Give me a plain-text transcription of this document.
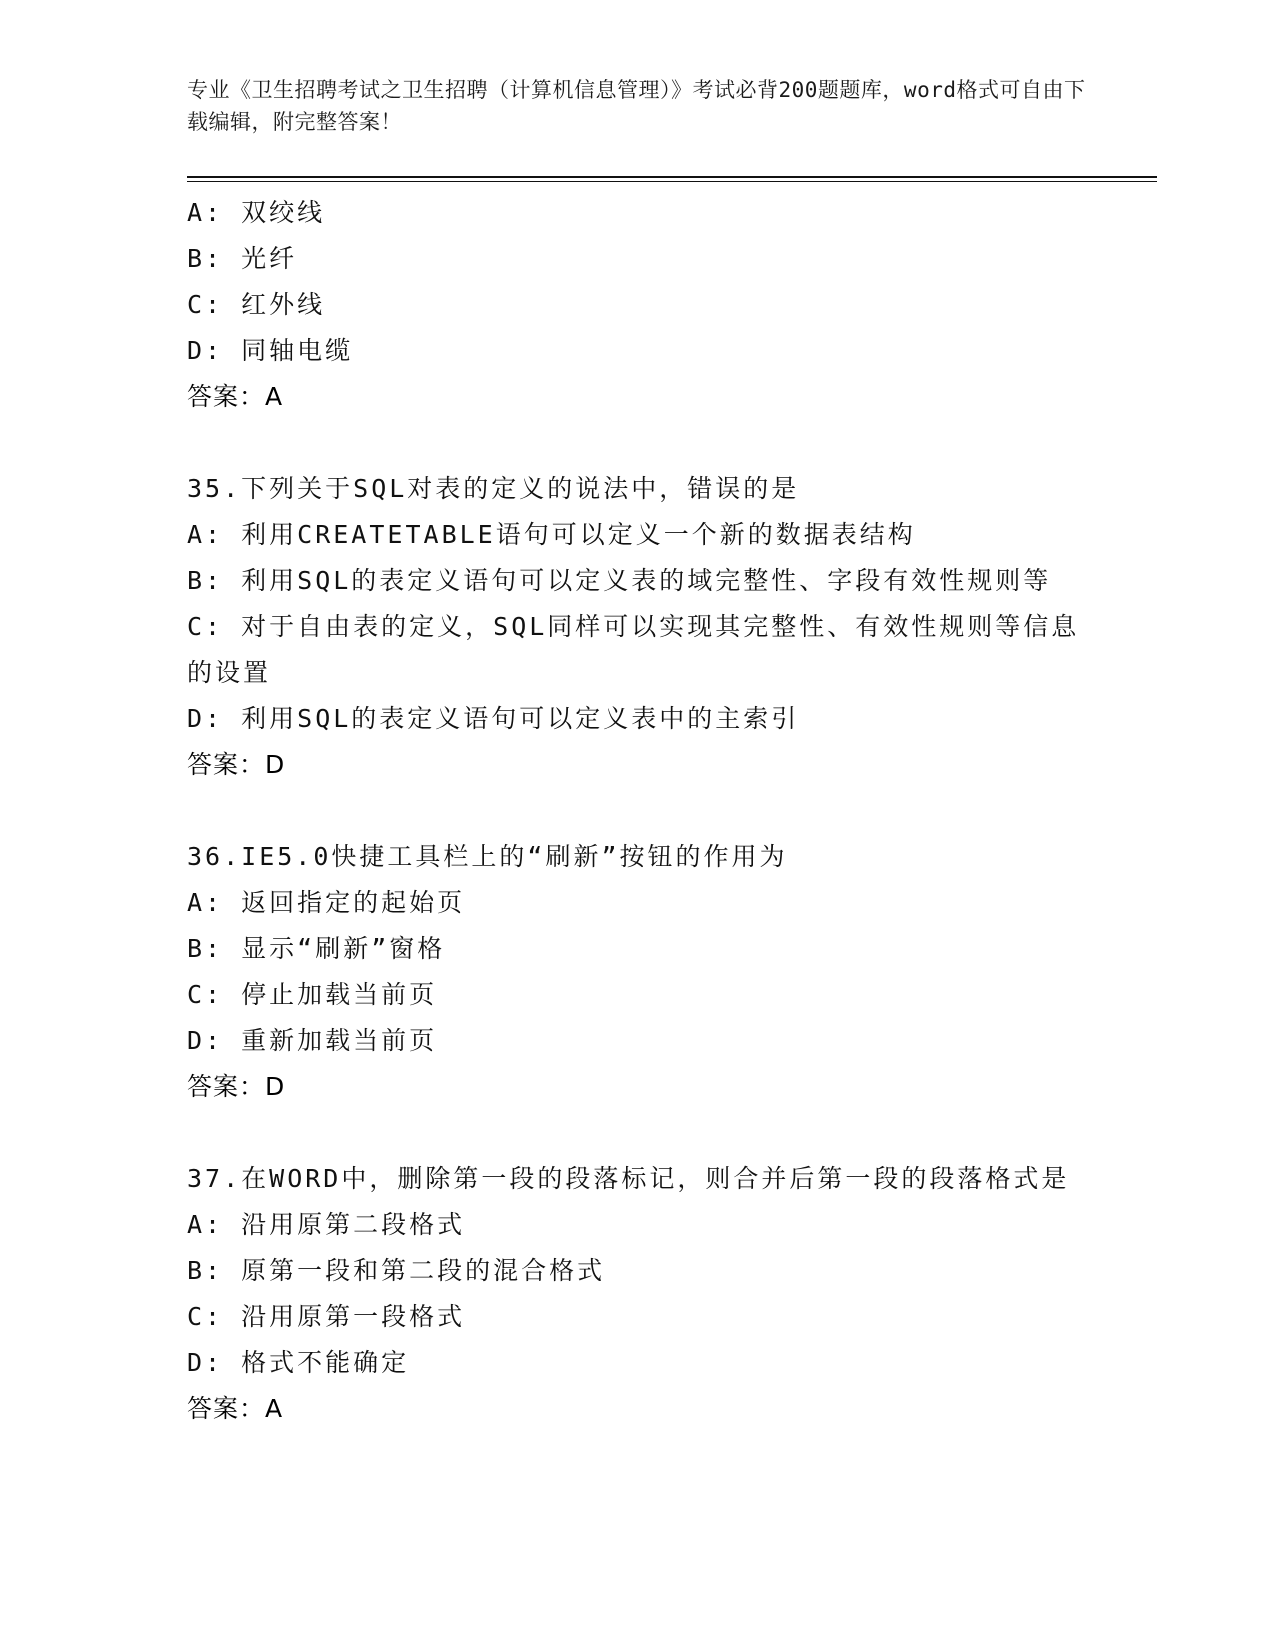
专业《卫生招聘考试之卫生招聘（计算机信息管理）》考试必背200题题库，word格式可自由下载编辑，附完整答案！
A: 双绞线
B: 光纤
C: 红外线
D: 同轴电缆
答案：A
35.下列关于SQL对表的定义的说法中，错误的是
A: 利用CREATETABLE语句可以定义一个新的数据表结构
B: 利用SQL的表定义语句可以定义表的域完整性、字段有效性规则等
C: 对于自由表的定义，SQL同样可以实现其完整性、有效性规则等信息的设置
D: 利用SQL的表定义语句可以定义表中的主索引
答案：D
36.IE5.0快捷工具栏上的“刷新”按钮的作用为
A: 返回指定的起始页
B: 显示“刷新”窗格
C: 停止加载当前页
D: 重新加载当前页
答案：D
37.在WORD中，删除第一段的段落标记，则合并后第一段的段落格式是
A: 沿用原第二段格式
B: 原第一段和第二段的混合格式
C: 沿用原第一段格式
D: 格式不能确定
答案：A
